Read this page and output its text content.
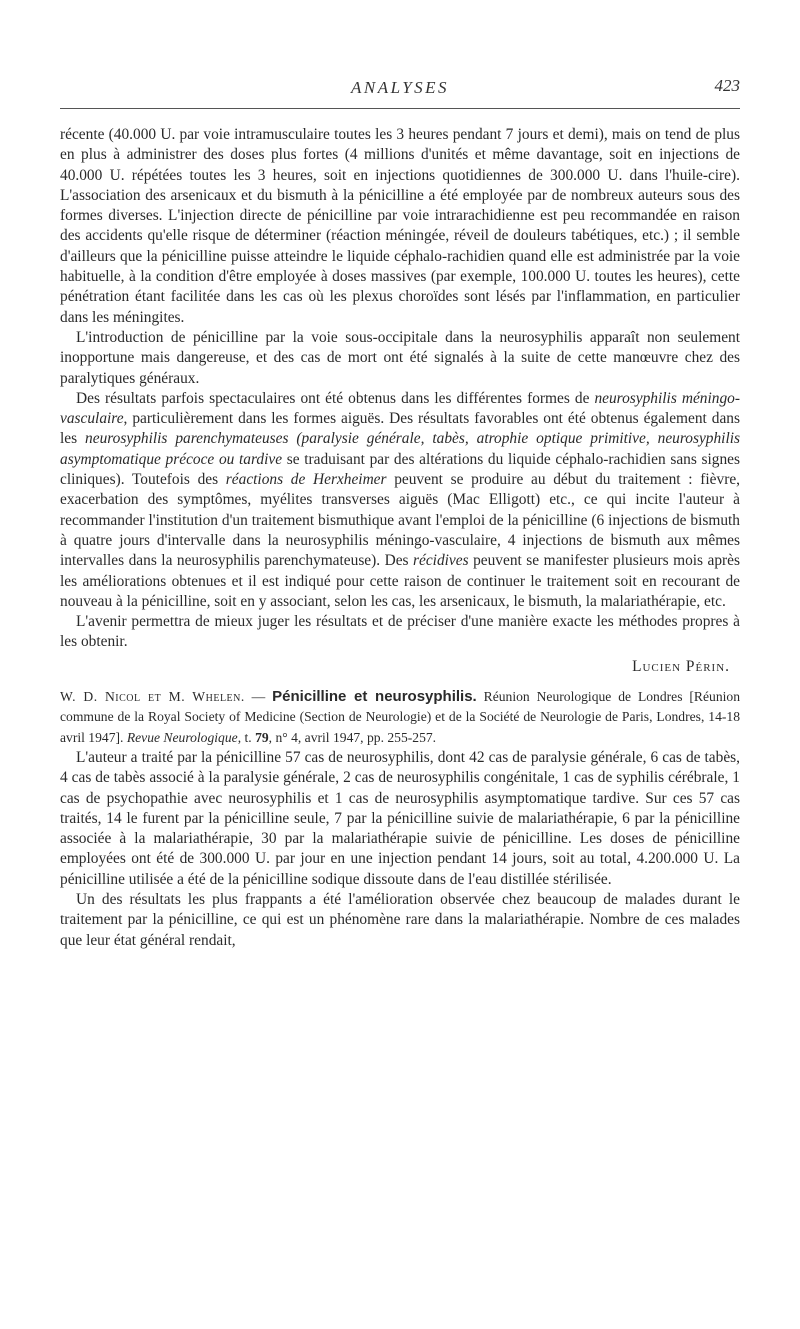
ANALYSES	423

récente (40.000 U. par voie intramusculaire toutes les 3 heures pendant 7 jours et demi), mais on tend de plus en plus à administrer des doses plus fortes (4 millions d'unités et même davantage, soit en injections de 40.000 U. répétées toutes les 3 heures, soit en injections quotidiennes de 300.000 U. dans l'huile-cire). L'association des arsenicaux et du bismuth à la pénicilline a été employée par de nombreux auteurs sous des formes diverses. L'injection directe de pénicilline par voie intrarachidienne est peu recommandée en raison des accidents qu'elle risque de déterminer (réaction méningée, réveil de douleurs tabétiques, etc.) ; il semble d'ailleurs que la pénicilline puisse atteindre le liquide céphalo-rachidien quand elle est administrée par la voie habituelle, à la condition d'être employée à doses massives (par exemple, 100.000 U. toutes les heures), cette pénétration étant facilitée dans les cas où les plexus choroïdes sont lésés par l'inflammation, en particulier dans les méningites.

L'introduction de pénicilline par la voie sous-occipitale dans la neurosyphilis apparaît non seulement inopportune mais dangereuse, et des cas de mort ont été signalés à la suite de cette manœuvre chez des paralytiques généraux.

Des résultats parfois spectaculaires ont été obtenus dans les différentes formes de neurosyphilis méningo-vasculaire, particulièrement dans les formes aiguës. Des résultats favorables ont été obtenus également dans les neurosyphilis parenchymateuses (paralysie générale, tabès, atrophie optique primitive, neurosyphilis asymptomatique précoce ou tardive se traduisant par des altérations du liquide céphalo-rachidien sans signes cliniques). Toutefois des réactions de Herxheimer peuvent se produire au début du traitement : fièvre, exacerbation des symptômes, myélites transverses aiguës (Mac Elligott) etc., ce qui incite l'auteur à recommander l'institution d'un traitement bismuthique avant l'emploi de la pénicilline (6 injections de bismuth à quatre jours d'intervalle dans la neurosyphilis méningo-vasculaire, 4 injections de bismuth aux mêmes intervalles dans la neurosyphilis parenchymateuse). Des récidives peuvent se manifester plusieurs mois après les améliorations obtenues et il est indiqué pour cette raison de continuer le traitement soit en recourant de nouveau à la pénicilline, soit en y associant, selon les cas, les arsenicaux, le bismuth, la malariathérapie, etc.

L'avenir permettra de mieux juger les résultats et de préciser d'une manière exacte les méthodes propres à les obtenir.

Lucien Périn.

W. D. Nicol et M. Whelen. — Pénicilline et neurosyphilis. Réunion Neurologique de Londres [Réunion commune de la Royal Society of Medicine (Section de Neurologie) et de la Société de Neurologie de Paris, Londres, 14-18 avril 1947]. Revue Neurologique, t. 79, n° 4, avril 1947, pp. 255-257.

L'auteur a traité par la pénicilline 57 cas de neurosyphilis, dont 42 cas de paralysie générale, 6 cas de tabès, 4 cas de tabès associé à la paralysie générale, 2 cas de neurosyphilis congénitale, 1 cas de syphilis cérébrale, 1 cas de psychopathie avec neurosyphilis et 1 cas de neurosyphilis asymptomatique tardive. Sur ces 57 cas traités, 14 le furent par la pénicilline seule, 7 par la pénicilline suivie de malariathérapie, 6 par la pénicilline associée à la malariathérapie, 30 par la malariathérapie suivie de pénicilline. Les doses de pénicilline employées ont été de 300.000 U. par jour en une injection pendant 14 jours, soit au total, 4.200.000 U. La pénicilline utilisée a été de la pénicilline sodique dissoute dans de l'eau distillée stérilisée.

Un des résultats les plus frappants a été l'amélioration observée chez beaucoup de malades durant le traitement par la pénicilline, ce qui est un phénomène rare dans la malariathérapie. Nombre de ces malades que leur état général rendait,
